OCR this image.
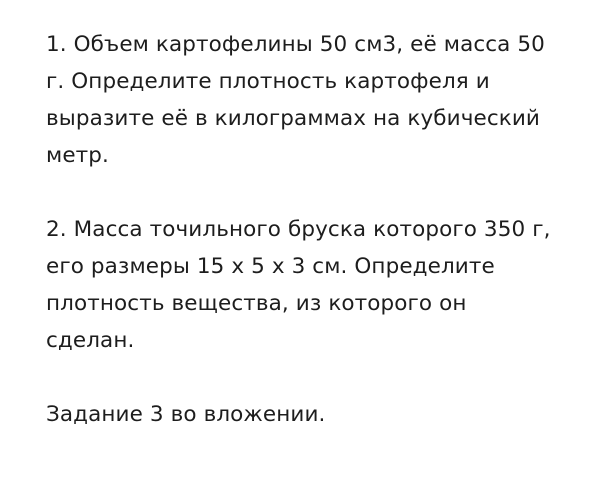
1. Объем картофелины 50 см3, её масса 50 г. Определите плотность картофеля и выразите её в килограммах на кубический метр.

2. Масса точильного бруска которого 350 г, его размеры 15 x 5 x 3 см. Определите плотность вещества, из которого он сделан.

Задание 3 во вложении.
